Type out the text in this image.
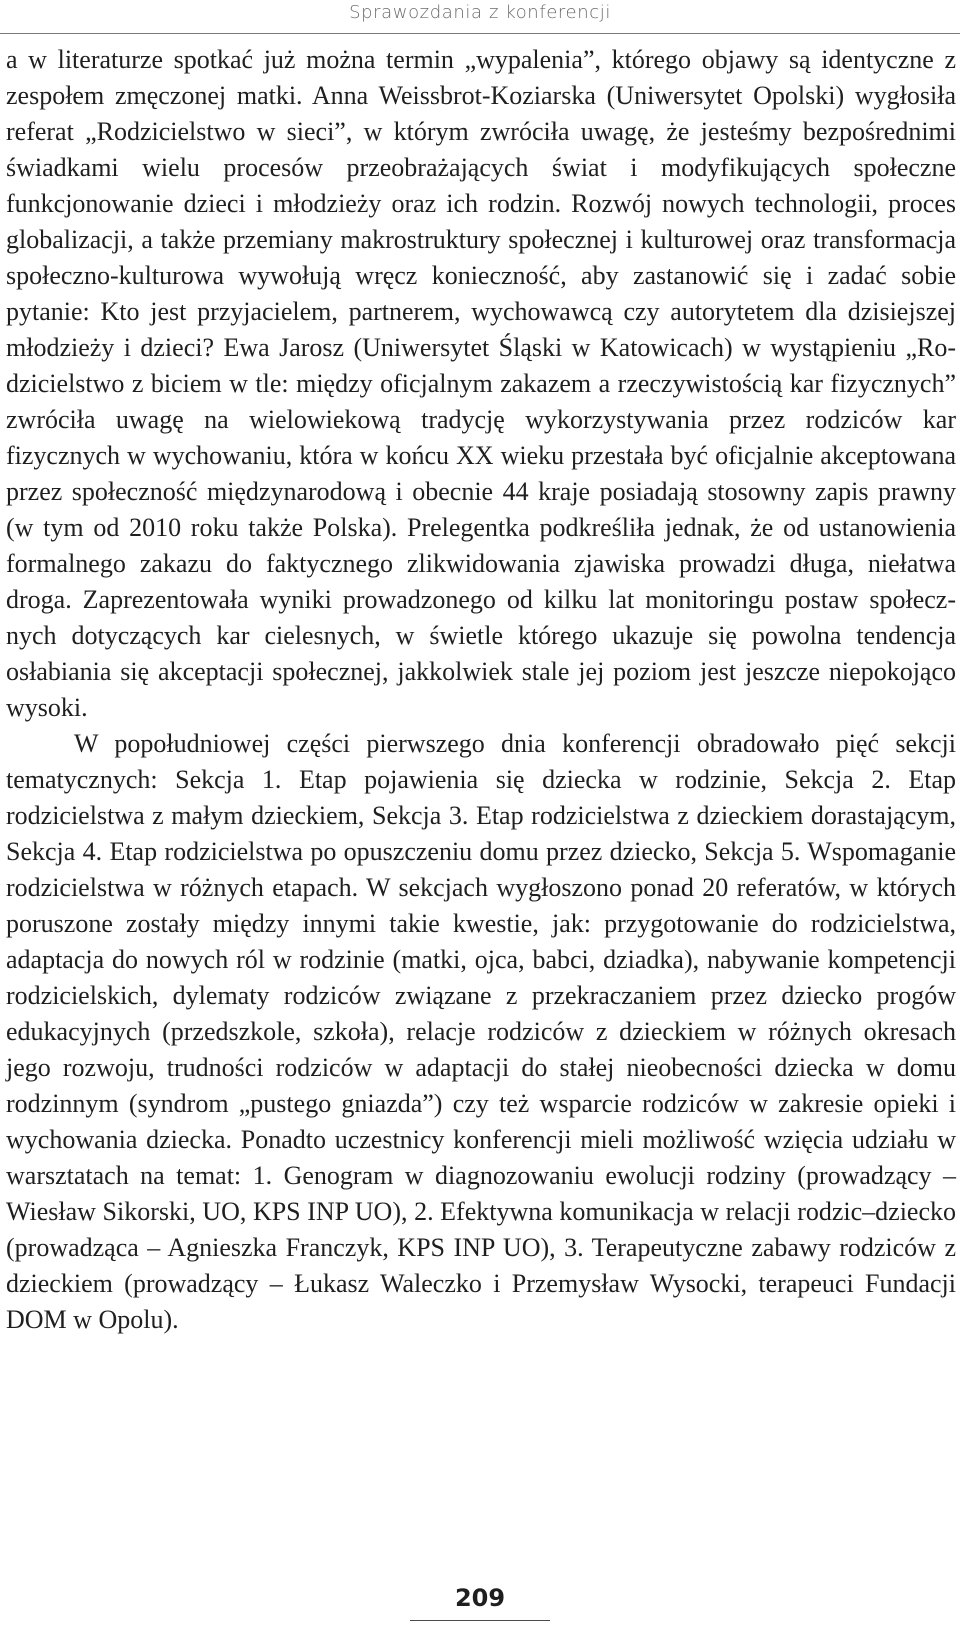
Sprawozdania z konferencji

a w literaturze spotkać już można termin „wypalenia”, którego objawy są identyczne z zespołem zmęczonej matki. Anna Weissbrot-Koziarska (Uniwersytet Opolski) wygłosiła referat „Rodzicielstwo w sieci”, w którym zwróciła uwagę, że jesteśmy bezpośrednimi świadkami wielu procesów przeobrażających świat i modyfikujących społeczne funkcjonowanie dzieci i młodzieży oraz ich rodzin. Rozwój nowych technologii, proces globalizacji, a także przemiany makrostruktury społecznej i kulturowej oraz transformacja społeczno-kulturowa wywołują wręcz konieczność, aby zastanowić się i zadać sobie pytanie: Kto jest przyjacielem, partnerem, wychowawcą czy autorytetem dla dzisiejszej młodzieży i dzieci? Ewa Jarosz (Uniwersytet Śląski w Katowicach) w wystąpieniu „Rodzicielstwo z biciem w tle: między oficjalnym zakazem a rzeczywistością kar fizycznych” zwróciła uwagę na wielowiekową tradycję wykorzystywania przez rodziców kar fizycznych w wychowaniu, która w końcu XX wieku przestała być oficjalnie akceptowana przez społeczność międzynarodową i obecnie 44 kraje posiadają stosowny zapis prawny (w tym od 2010 roku także Polska). Prelegentka podkreśliła jednak, że od ustanowienia formalnego zakazu do faktycznego zlikwidowania zjawiska prowadzi długa, niełatwa droga. Zaprezentowała wyniki prowadzonego od kilku lat monitoringu postaw społecznych dotyczących kar cielesnych, w świetle którego ukazuje się powolna tendencja osłabiania się akceptacji społecznej, jakkolwiek stale jej poziom jest jeszcze niepokojąco wysoki.

W popołudniowej części pierwszego dnia konferencji obradowało pięć sekcji tematycznych: Sekcja 1. Etap pojawienia się dziecka w rodzinie, Sekcja 2. Etap rodzicielstwa z małym dzieckiem, Sekcja 3. Etap rodzicielstwa z dzieckiem dorastającym, Sekcja 4. Etap rodzicielstwa po opuszczeniu domu przez dziecko, Sekcja 5. Wspomaganie rodzicielstwa w różnych etapach. W sekcjach wygłoszono ponad 20 referatów, w których poruszone zostały między innymi takie kwestie, jak: przygotowanie do rodzicielstwa, adaptacja do nowych ról w rodzinie (matki, ojca, babci, dziadka), nabywanie kompetencji rodzicielskich, dylematy rodziców związane z przekraczaniem przez dziecko progów edukacyjnych (przedszkole, szkoła), relacje rodziców z dzieckiem w różnych okresach jego rozwoju, trudności rodziców w adaptacji do stałej nieobecności dziecka w domu rodzinnym (syndrom „pustego gniazda”) czy też wsparcie rodziców w zakresie opieki i wychowania dziecka. Ponadto uczestnicy konferencji mieli możliwość wzięcia udziału w warsztatach na temat: 1. Genogram w diagnozowaniu ewolucji rodziny (prowadzący – Wiesław Sikorski, UO, KPS INP UO), 2. Efektywna komunikacja w relacji rodzic–dziecko (prowadząca – Agnieszka Franczyk, KPS INP UO), 3. Terapeutyczne zabawy rodziców z dzieckiem (prowadzący – Łukasz Waleczko i Przemysław Wysocki, terapeuci Fundacji DOM w Opolu).

209
